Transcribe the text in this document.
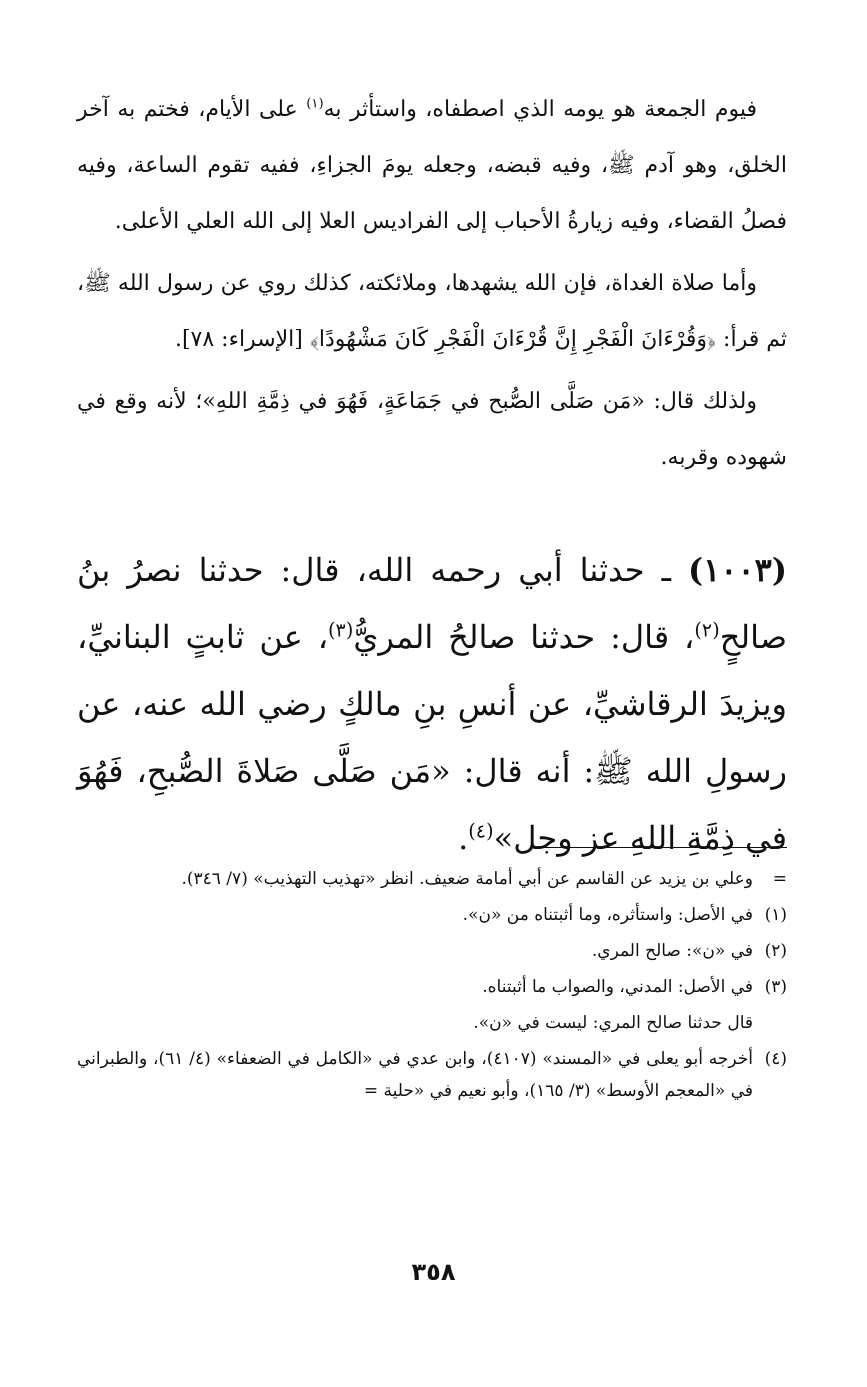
فيوم الجمعة هو يومه الذي اصطفاه، واستأثر به$^{(١)}$ على الأيام، فختم به آخر الخلق، وهو آدم ﷺ، وفيه قبضه، وجعله يومَ الجزاءِ، ففيه تقوم الساعة، وفيه فصلُ القضاء، وفيه زيارةُ الأحباب إلى الفراديس العلا إلى الله العلي الأعلى.

وأما صلاة الغداة، فإن الله يشهدها، وملائكته، كذلك روي عن رسول الله ﷺ، ثم قرأ: ﴿وَقُرْءَانَ الْفَجْرِ إِنَّ قُرْءَانَ الْفَجْرِ كَانَ مَشْهُودًا﴾ [الإسراء: ٧٨].

ولذلك قال: «مَن صَلَّى الصُّبح في جَمَاعَةٍ، فَهُوَ في ذِمَّةِ اللهِ»؛ لأنه وقع في شهوده وقربه.

(١٠٠٣) ـ حدثنا أبي رحمه الله، قال: حدثنا نصرُ بنُ صالحٍ$^{(٢)}$، قال: حدثنا صالحُ المريُّ$^{(٣)}$، عن ثابتٍ البنانيِّ، ويزيدَ الرقاشيِّ، عن أنسِ بنِ مالكٍ رضي الله عنه، عن رسولِ الله ﷺ: أنه قال: «مَن صَلَّى صَلاةَ الصُّبحِ، فَهُوَ في ذِمَّةِ اللهِ عز وجل»$^{(٤)}$.

=
وعلي بن يزيد عن القاسم عن أبي أمامة ضعيف. انظر «تهذيب التهذيب» (٧/ ٣٤٦).
(١)
في الأصل: واستأثره، وما أثبتناه من «ن».
(٢)
في «ن»: صالح المري.
(٣)
في الأصل: المدني، والصواب ما أثبتناه.
قال حدثنا صالح المري: ليست في «ن».
(٤)
أخرجه أبو يعلى في «المسند» (٤١٠٧)، وابن عدي في «الكامل في الضعفاء» (٤/ ٦١)، والطبراني في «المعجم الأوسط» (٣/ ١٦٥)، وأبو نعيم في «حلية =
٣٥٨
